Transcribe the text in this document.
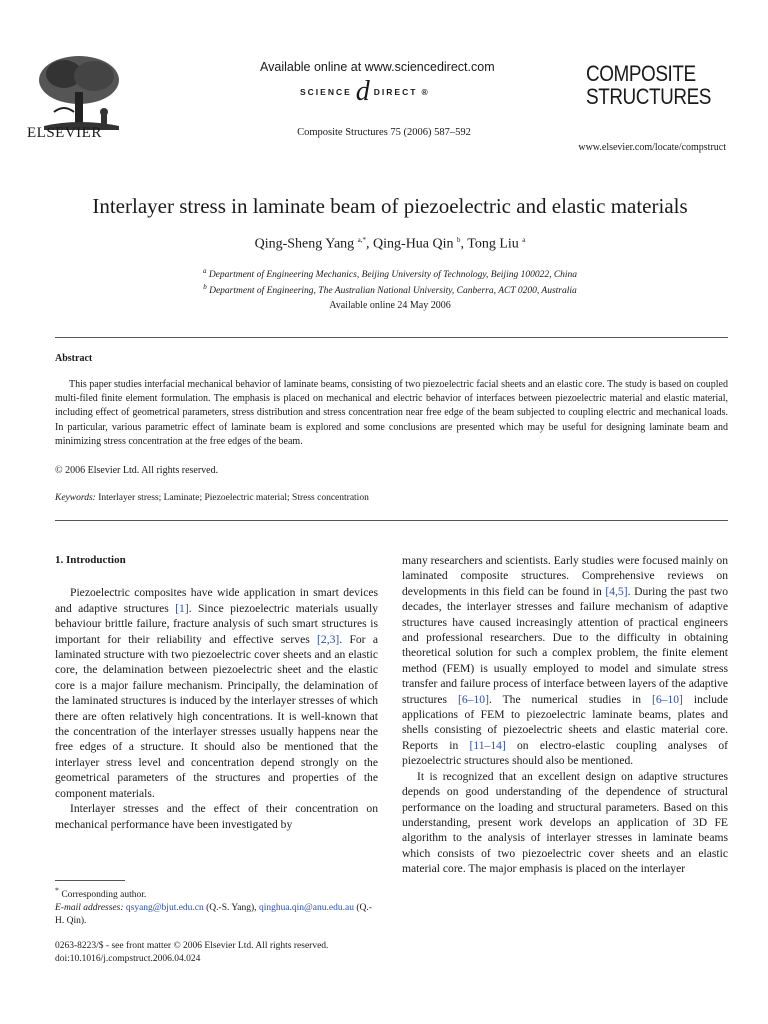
ELSEVIER
Available online at www.sciencedirect.com
SCIENCE d DIRECT ®
Composite Structures 75 (2006) 587–592
COMPOSITE
STRUCTURES
www.elsevier.com/locate/compstruct
Interlayer stress in laminate beam of piezoelectric and elastic materials
Qing-Sheng Yang $^{a,*}$, Qing-Hua Qin $^b$, Tong Liu $^a$
$^a$ Department of Engineering Mechanics, Beijing University of Technology, Beijing 100022, China
$^b$ Department of Engineering, The Australian National University, Canberra, ACT 0200, Australia
Available online 24 May 2006
Abstract
This paper studies interfacial mechanical behavior of laminate beams, consisting of two piezoelectric facial sheets and an elastic core. The study is based on coupled multi-filed finite element formulation. The emphasis is placed on mechanical and electric behavior of interfaces between piezoelectric material and elastic material, including effect of geometrical parameters, stress distribution and stress concentration near free edge of the beam subjected to coupling electric and mechanical loads. In particular, various parametric effect of laminate beam is explored and some conclusions are presented which may be useful for designing laminate beam and minimizing stress concentration at the free edges of the beam.
© 2006 Elsevier Ltd. All rights reserved.
Keywords: Interlayer stress; Laminate; Piezoelectric material; Stress concentration
1. Introduction

Piezoelectric composites have wide application in smart devices and adaptive structures [1]. Since piezoelectric materials usually behaviour brittle failure, fracture analysis of such smart structures is important for their reliability and effective serves [2,3]. For a laminated structure with two piezoelectric cover sheets and an elastic core, the delamination between piezoelectric sheet and the elastic core is a major failure mechanism. Principally, the delamination of the laminated structures is induced by the interlayer stresses of which there are often relatively high concentrations. It is well-known that the concentration of the interlayer stresses usually happens near the free edges of a structure. It should also be mentioned that the interlayer stress level and concentration depend strongly on the geometrical parameters of the structures and properties of the component materials.

Interlayer stresses and the effect of their concentration on mechanical performance have been investigated by

* Corresponding author.
E-mail addresses: qsyang@bjut.edu.cn (Q.-S. Yang), qinghua.qin@anu.edu.au (Q.-H. Qin).
0263-8223/$ - see front matter © 2006 Elsevier Ltd. All rights reserved.
doi:10.1016/j.compstruct.2006.04.024

many researchers and scientists. Early studies were focused mainly on laminated composite structures. Comprehensive reviews on developments in this field can be found in [4,5]. During the past two decades, the interlayer stresses and failure mechanism of adaptive structures have caused increasingly attention of practical engineers and professional researchers. Due to the difficulty in obtaining theoretical solution for such a complex problem, the finite element method (FEM) is usually employed to model and simulate stress transfer and failure process of interface between layers of the adaptive structures [6–10]. The numerical studies in [6–10] include applications of FEM to piezoelectric laminate beams, plates and shells consisting of piezoelectric sheets and elastic material core. Reports in [11–14] on electro-elastic coupling analyses of piezoelectric structures should also be mentioned.

It is recognized that an excellent design on adaptive structures depends on good understanding of the dependence of structural performance on the loading and structural parameters. Based on this understanding, present work develops an application of 3D FE algorithm to the analysis of interlayer stresses in laminate beams which consists of two piezoelectric cover sheets and an elastic material core. The major emphasis is placed on the interlayer
